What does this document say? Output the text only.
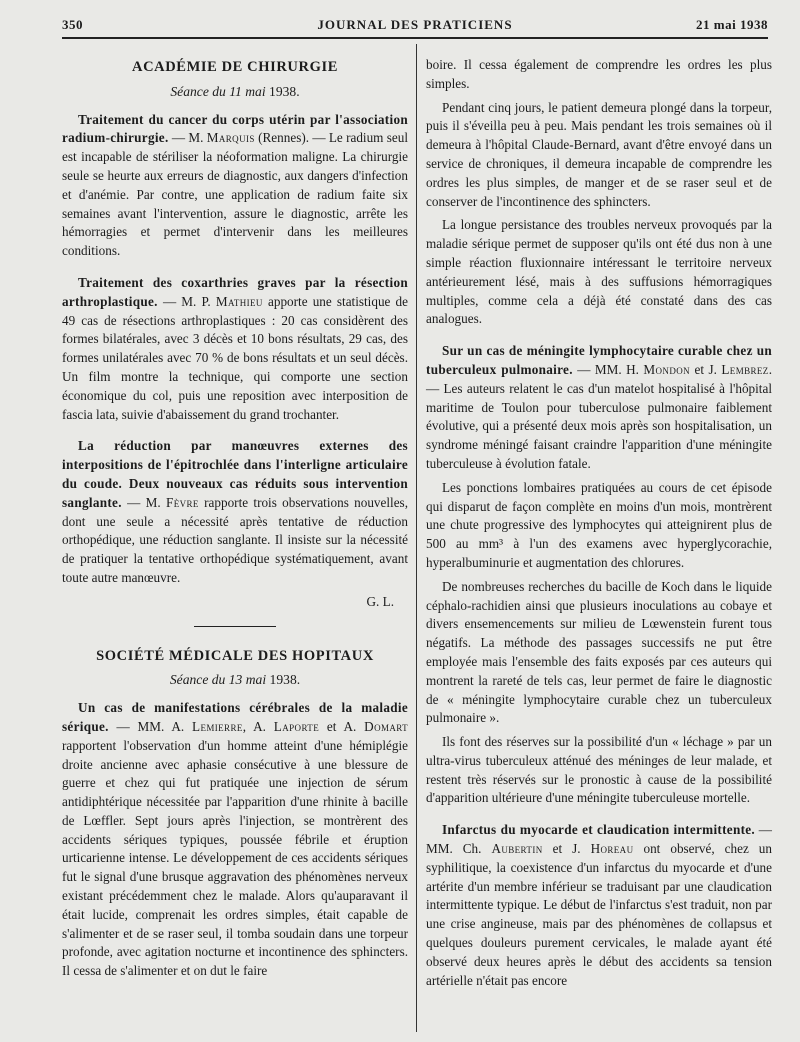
350	JOURNAL DES PRATICIENS	21 mai 1938
ACADÉMIE DE CHIRURGIE
Séance du 11 mai 1938.

Traitement du cancer du corps utérin par l'association radium-chirurgie. — M. Marquis (Rennes). — Le radium seul est incapable de stériliser la néoformation maligne. La chirurgie seule se heurte aux erreurs de diagnostic, aux dangers d'infection et d'anémie. Par contre, une application de radium faite six semaines avant l'intervention, assure le diagnostic, arrête les hémorragies et permet d'intervenir dans les meilleures conditions.

Traitement des coxarthries graves par la résection arthroplastique. — M. P. Mathieu apporte une statistique de 49 cas de résections arthroplastiques : 20 cas considèrent des formes bilatérales, avec 3 décès et 10 bons résultats, 29 cas, des formes unilatérales avec 70 % de bons résultats et un seul décès. Un film montre la technique, qui comporte une section économique du col, puis une reposition avec interposition de fascia lata, suivie d'abaissement du grand trochanter.

La réduction par manœuvres externes des interpositions de l'épitrochlée dans l'interligne articulaire du coude. Deux nouveaux cas réduits sous intervention sanglante. — M. Fèvre rapporte trois observations nouvelles, dont une seule a nécessité après tentative de réduction orthopédique, une réduction sanglante. Il insiste sur la nécessité de pratiquer la tentative orthopédique systématiquement, avant toute autre manœuvre.

G. L.
SOCIÉTÉ MÉDICALE DES HOPITAUX
Séance du 13 mai 1938.

Un cas de manifestations cérébrales de la maladie sérique. — MM. A. Lemierre, A. Laporte et A. Domart rapportent l'observation d'un homme atteint d'une hémiplégie droite ancienne avec aphasie consécutive à une blessure de guerre et chez qui fut pratiquée une injection de sérum antidiphtérique nécessitée par l'apparition d'une rhinite à bacille de Lœffler. Sept jours après l'injection, se montrèrent des accidents sériques typiques, poussée fébrile et éruption urticarienne intense. Le développement de ces accidents sériques fut le signal d'une brusque aggravation des phénomènes nerveux existant précédemment chez le malade. Alors qu'auparavant il était lucide, comprenait les ordres simples, était capable de s'alimenter et de se raser seul, il tomba soudain dans une torpeur profonde, avec agitation nocturne et incontinence des sphincters. Il cessa de s'alimenter et on dut le faire

boire. Il cessa également de comprendre les ordres les plus simples.

Pendant cinq jours, le patient demeura plongé dans la torpeur, puis il s'éveilla peu à peu. Mais pendant les trois semaines où il demeura à l'hôpital Claude-Bernard, avant d'être envoyé dans un service de chroniques, il demeura incapable de comprendre les ordres les plus simples, de manger et de se raser seul et de conserver de l'incontinence des sphincters.

La longue persistance des troubles nerveux provoqués par la maladie sérique permet de supposer qu'ils ont été dus non à une simple réaction fluxionnaire intéressant le territoire nerveux antérieurement lésé, mais à des suffusions hémorragiques multiples, comme cela a déjà été constaté dans des cas analogues.

Sur un cas de méningite lymphocytaire curable chez un tuberculeux pulmonaire. — MM. H. Mondon et J. Lembrez. — Les auteurs relatent le cas d'un matelot hospitalisé à l'hôpital maritime de Toulon pour tuberculose pulmonaire faiblement évolutive, qui a présenté deux mois après son hospitalisation, un syndrome méningé faisant craindre l'apparition d'une méningite tuberculeuse à évolution fatale.

Les ponctions lombaires pratiquées au cours de cet épisode qui disparut de façon complète en moins d'un mois, montrèrent une chute progressive des lymphocytes qui atteignirent plus de 500 au mm³ à l'un des examens avec hyperglycorachie, hyperalbuminurie et augmentation des chlorures.

De nombreuses recherches du bacille de Koch dans le liquide céphalo-rachidien ainsi que plusieurs inoculations au cobaye et divers ensemencements sur milieu de Lœwenstein furent tous négatifs. La méthode des passages successifs ne put être employée mais l'ensemble des faits exposés par ces auteurs qui montrent la rareté de tels cas, leur permet de faire le diagnostic de « méningite lymphocytaire curable chez un tuberculeux pulmonaire ».

Ils font des réserves sur la possibilité d'un « léchage » par un ultra-virus tuberculeux atténué des méninges de leur malade, et restent très réservés sur le pronostic à cause de la possibilité d'apparition ultérieure d'une méningite tuberculeuse mortelle.

Infarctus du myocarde et claudication intermittente. — MM. Ch. Aubertin et J. Horeau ont observé, chez un syphilitique, la coexistence d'un infarctus du myocarde et d'une artérite d'un membre inférieur se traduisant par une claudication intermittente typique. Le début de l'infarctus s'est traduit, non par une crise angineuse, mais par des phénomènes de collapsus et quelques douleurs purement cervicales, le malade ayant été observé deux heures après le début des accidents sa tension artérielle n'était pas encore
